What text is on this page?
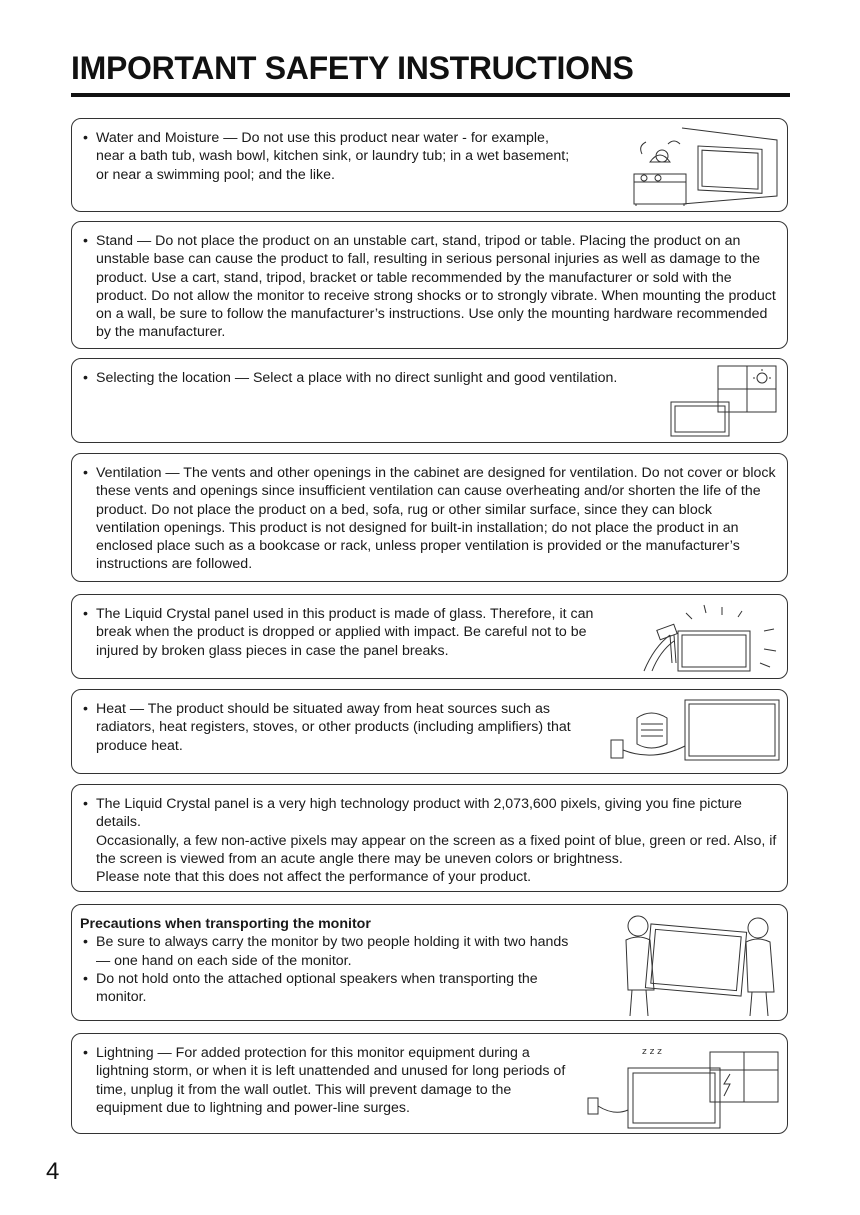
IMPORTANT SAFETY INSTRUCTIONS
• Water and Moisture — Do not use this product near water - for example, near a bath tub, wash bowl, kitchen sink, or laundry tub; in a wet basement; or near a swimming pool; and the like.
• Stand — Do not place the product on an unstable cart, stand, tripod or table. Placing the product on an unstable base can cause the product to fall, resulting in serious personal injuries as well as damage to the product. Use a cart, stand, tripod, bracket or table recommended by the manufacturer or sold with the product. Do not allow the monitor to receive strong shocks or to strongly vibrate. When mounting the product on a wall, be sure to follow the manufacturer’s instructions. Use only the mounting hardware recommended by the manufacturer.
• Selecting the location — Select a place with no direct sunlight and good ventilation.
• Ventilation — The vents and other openings in the cabinet are designed for ventilation. Do not cover or block these vents and openings since insufficient ventilation can cause overheating and/or shorten the life of the product. Do not place the product on a bed, sofa, rug or other similar surface, since they can block ventilation openings. This product is not designed for built-in installation; do not place the product in an enclosed place such as a bookcase or rack, unless proper ventilation is provided or the manufacturer’s instructions are followed.
• The Liquid Crystal panel used in this product is made of glass. Therefore, it can break when the product is dropped or applied with impact. Be careful not to be injured by broken glass pieces in case the panel breaks.
• Heat — The product should be situated away from heat sources such as radiators, heat registers, stoves, or other products (including amplifiers) that produce heat.
• The Liquid Crystal panel is a very high technology product with 2,073,600 pixels, giving you fine picture details.

Occasionally, a few non-active pixels may appear on the screen as a fixed point of blue, green or red. Also, if the screen is viewed from an acute angle there may be uneven colors or brightness.

Please note that this does not affect the performance of your product.

Precautions when transporting the monitor

• Be sure to always carry the monitor by two people holding it with two hands — one hand on each side of the monitor.
• Do not hold onto the attached optional speakers when transporting the monitor.
• Lightning — For added protection for this monitor equipment during a lightning storm, or when it is left unattended and unused for long periods of time, unplug it from the wall outlet. This will prevent damage to the equipment due to lightning and power-line surges.
z z z
4
